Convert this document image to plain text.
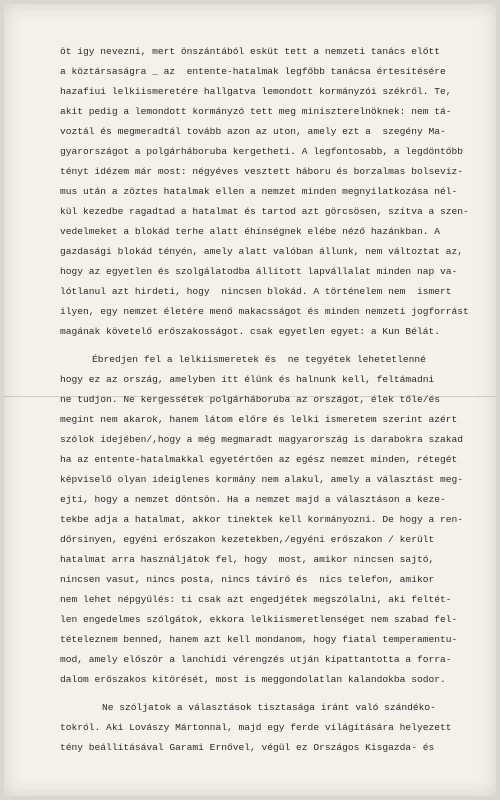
öt igy nevezni, mert önszántából esküt tett a nemzeti tanács előtt
a köztársaságra _ az  entente-hatalmak legfőbb tanácsa értesítésére
hazafiui lelkiismeretére hallgatva lemondott kormányzói székről. Te,
akit pedig a lemondott kormányzó tett meg miniszterelnöknek: nem tá-
voztál és megmeradtál tovább azon az uton, amely ezt a  szegény Ma-
gyarországot a polgárháboruba kergetheti. A legfontosabb, a legdöntőbb
tényt idézem már most: négyéves vesztett háboru és borzalmas bolsevíz-
mus után a zöztes hatalmak ellen a nemzet minden megnyilatkozása nél-
kül kezedbe ragadtad a hatalmat és tartod azt görcsösen, szítva a szen-
vedelmeket a blokád terhe alatt éhínségnek elébe néző hazánkban. A
gazdasági blokád tényén, amely alatt valóban állunk, nem változtat az,
hogy az egyetlen és szolgálatodba állított lapvállalat minden nap va-
lótlanul azt hirdeti, hogy  nincsen blokád. A történelem nem  ismert
ilyen, egy nemzet életére menő makacsságot és minden nemzeti jogforrást
magának követelő erőszakosságot. csak egyetlen egyet: a Kun Bélát.
Ébredjen fel a lelkiismeretek és  ne tegyétek lehetetlenné
hogy ez az ország, amelyben itt élünk és halnunk kell, feltámadni
ne tudjon. Ne kergessétek polgárháboruba az országot, élek tőle/és
megint nem akarok, hanem látom előre és lelki ismeretem szerint azért
szólok idejében/,hogy a még megmaradt magyarország is darabokra szakad
ha az entente-hatalmakkal egyetértően az egész nemzet minden, rétegét
képviselő olyan ideiglenes kormány nem alakul, amely a választást meg-
ejti, hogy a nemzet döntsön. Ha a nemzet majd a választáson a keze-
tekbe adja a hatalmat, akkor tinektek kell kormányozni. De hogy a ren-
dőrsinyen, egyéni erőszakon kezetekben,/egyéni erőszakon / került
hatalmat arra használjátok fel, hogy  most, amikor nincsen sajtó,
nincsen vasut, nincs posta, nincs távíró és  nics telefon, amikor
nem lehet népgyülés: ti csak azt engedjétek megszólalni, aki feltét-
len engedelmes szólgátok, ekkora lelkiismeretlenséget nem szabad fel-
tételeznem benned, hanem azt kell mondanom, hogy fiatal temperamentu-
mod, amely először a lanchidi vérengzés utján kipattantotta a forra-
dalom erőszakos kitörését, most is meggondolatlan kalandokba sodor.
Ne szóljatok a választások tisztasága iránt való szándéko-
tokról. Aki Lovászy Mártonnal, majd egy ferde világítására helyezett
tény beállításával Garami Ernővel, végül ez Országos Kisgazda- és
